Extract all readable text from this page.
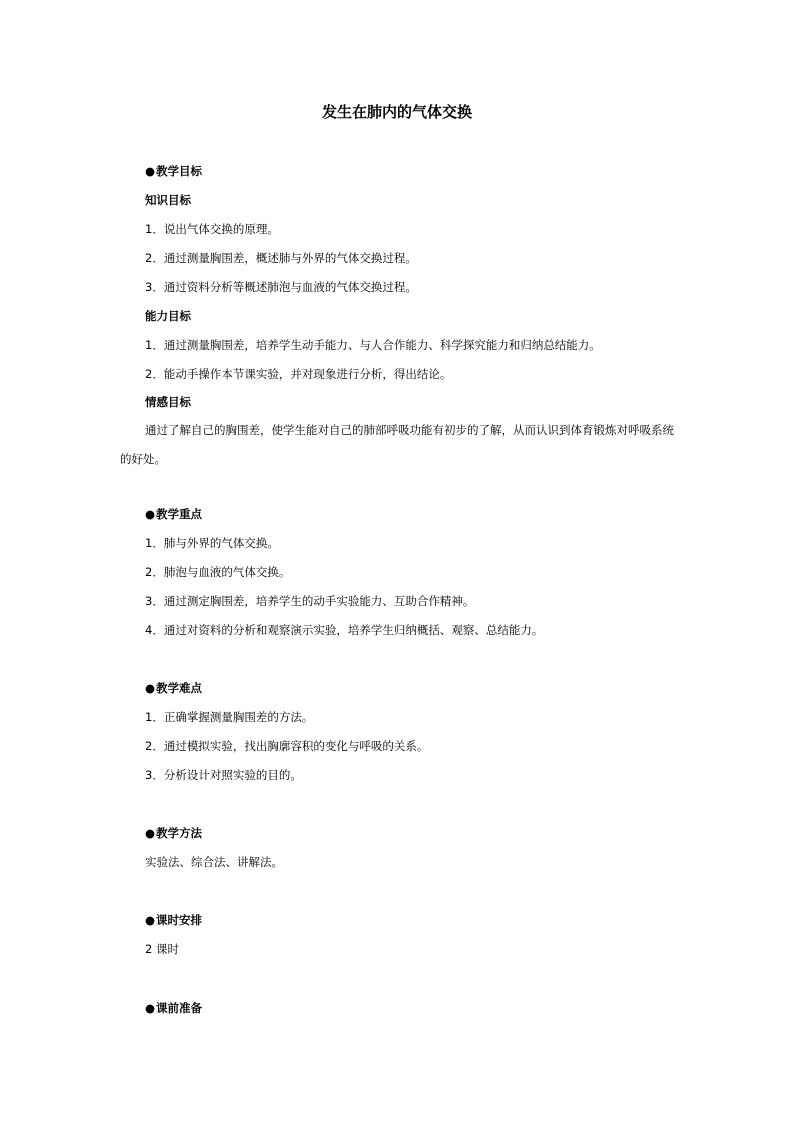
发生在肺内的气体交换
●教学目标
知识目标
1．说出气体交换的原理。
2．通过测量胸围差，概述肺与外界的气体交换过程。
3．通过资料分析等概述肺泡与血液的气体交换过程。
能力目标
1．通过测量胸围差，培养学生动手能力、与人合作能力、科学探究能力和归纳总结能力。
2．能动手操作本节课实验，并对现象进行分析，得出结论。
情感目标
通过了解自己的胸围差，使学生能对自己的肺部呼吸功能有初步的了解，从而认识到体育锻炼对呼吸系统的好处。
●教学重点
1．肺与外界的气体交换。
2．肺泡与血液的气体交换。
3．通过测定胸围差，培养学生的动手实验能力、互助合作精神。
4．通过对资料的分析和观察演示实验，培养学生归纳概括、观察、总结能力。
●教学难点
1．正确掌握测量胸围差的方法。
2．通过模拟实验，找出胸廓容积的变化与呼吸的关系。
3．分析设计对照实验的目的。
●教学方法
实验法、综合法、讲解法。
●课时安排
2 课时
●课前准备
